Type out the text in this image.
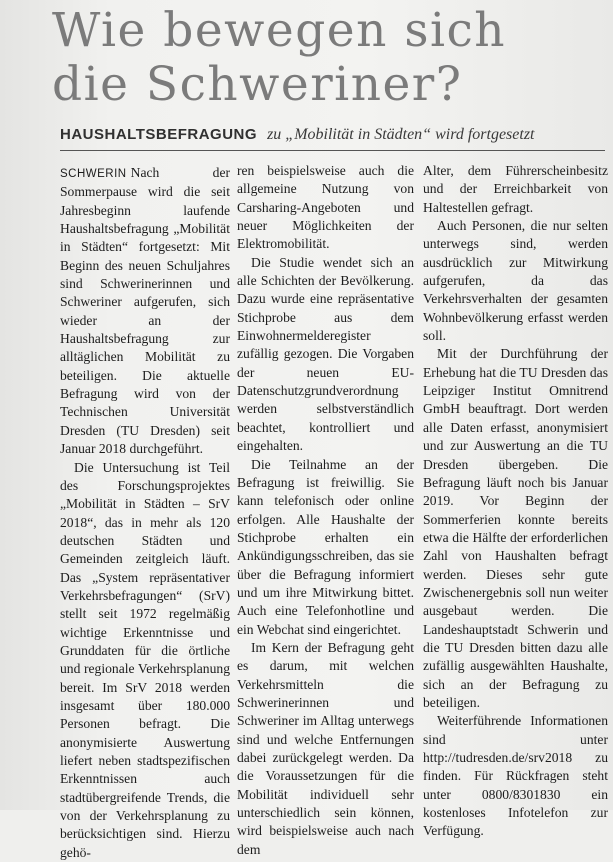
Wie bewegen sich
die Schweriner?
HAUSHALTSBEFRAGUNG zu „Mobilität in Städten“ wird fortgesetzt

SCHWERIN Nach der Sommerpause wird die seit Jahresbeginn laufende Haushaltsbefragung „Mobilität in Städten“ fortgesetzt: Mit Beginn des neuen Schuljahres sind Schwerinerinnen und Schweriner aufgerufen, sich wieder an der Haushaltsbefragung zur alltäglichen Mobilität zu beteiligen. Die aktuelle Befragung wird von der Technischen Universität Dresden (TU Dresden) seit Januar 2018 durchgeführt.

Die Untersuchung ist Teil des Forschungsprojektes „Mobilität in Städten – SrV 2018“, das in mehr als 120 deutschen Städten und Gemeinden zeitgleich läuft. Das „System repräsentativer Verkehrsbefragungen“ (SrV) stellt seit 1972 regelmäßig wichtige Erkenntnisse und Grunddaten für die örtliche und regionale Verkehrsplanung bereit. Im SrV 2018 werden insgesamt über 180.000 Personen befragt. Die anonymisierte Auswertung liefert neben stadtspezifischen Erkenntnissen auch stadtübergreifende Trends, die von der Verkehrsplanung zu berücksichtigen sind. Hierzu gehö-

ren beispielsweise auch die allgemeine Nutzung von Carsharing-Angeboten und neuer Möglichkeiten der Elektromobilität.

Die Studie wendet sich an alle Schichten der Bevölkerung. Dazu wurde eine repräsentative Stichprobe aus dem Einwohnermelderegister zufällig gezogen. Die Vorgaben der neuen EU-Datenschutzgrundverordnung werden selbstverständlich beachtet, kontrolliert und eingehalten.

Die Teilnahme an der Befragung ist freiwillig. Sie kann telefonisch oder online erfolgen. Alle Haushalte der Stichprobe erhalten ein Ankündigungsschreiben, das sie über die Befragung informiert und um ihre Mitwirkung bittet. Auch eine Telefonhotline und ein Webchat sind eingerichtet.

Im Kern der Befragung geht es darum, mit welchen Verkehrsmitteln die Schwerinerinnen und Schweriner im Alltag unterwegs sind und welche Entfernungen dabei zurückgelegt werden. Da die Voraussetzungen für die Mobilität individuell sehr unterschiedlich sein können, wird beispielsweise auch nach dem

Alter, dem Führerscheinbesitz und der Erreichbarkeit von Haltestellen gefragt.

Auch Personen, die nur selten unterwegs sind, werden ausdrücklich zur Mitwirkung aufgerufen, da das Verkehrsverhalten der gesamten Wohnbevölkerung erfasst werden soll.

Mit der Durchführung der Erhebung hat die TU Dresden das Leipziger Institut Omnitrend GmbH beauftragt. Dort werden alle Daten erfasst, anonymisiert und zur Auswertung an die TU Dresden übergeben. Die Befragung läuft noch bis Januar 2019. Vor Beginn der Sommerferien konnte bereits etwa die Hälfte der erforderlichen Zahl von Haushalten befragt werden. Dieses sehr gute Zwischenergebnis soll nun weiter ausgebaut werden. Die Landeshauptstadt Schwerin und die TU Dresden bitten dazu alle zufällig ausgewählten Haushalte, sich an der Befragung zu beteiligen.

Weiterführende Informationen sind unter http://tudresden.de/srv2018 zu finden. Für Rückfragen steht unter 0800/8301830 ein kostenloses Infotelefon zur Verfügung.
